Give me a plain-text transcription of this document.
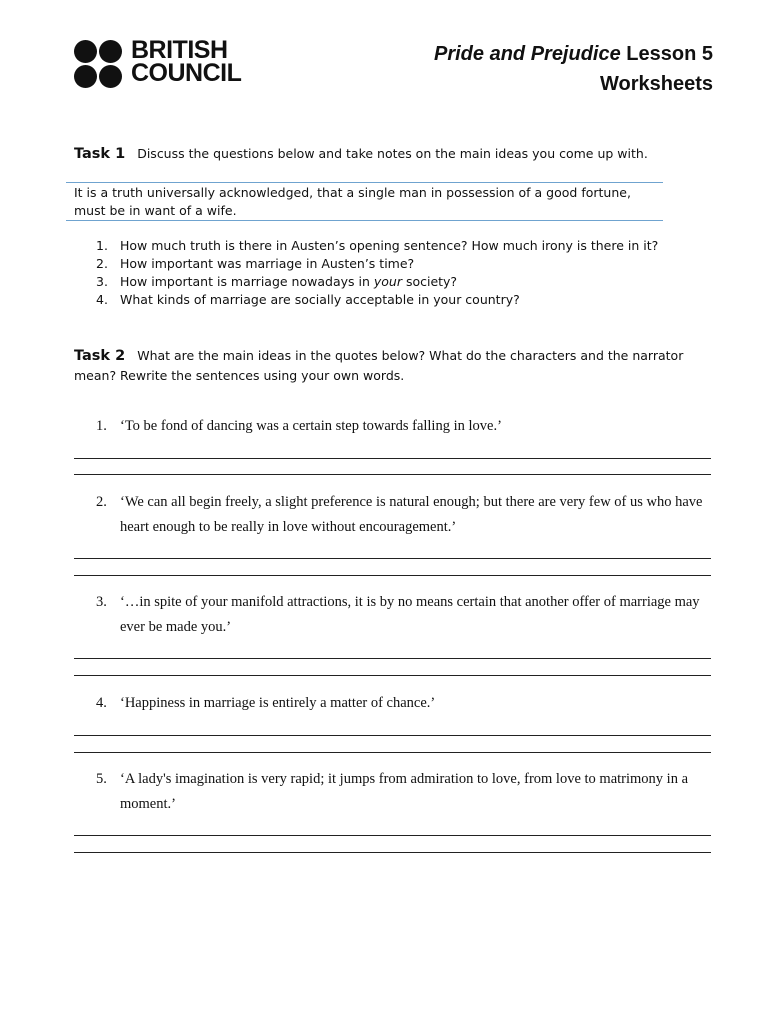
BRITISH
COUNCIL
Pride and Prejudice Lesson 5
Worksheets
Task 1 Discuss the questions below and take notes on the main ideas you come up with.

It is a truth universally acknowledged, that a single man in possession of a good fortune, must be in want of a wife.

1. How much truth is there in Austen’s opening sentence? How much irony is there in it?
2. How important was marriage in Austen’s time?
3. How important is marriage nowadays in your society?
4. What kinds of marriage are socially acceptable in your country?
Task 2 What are the main ideas in the quotes below? What do the characters and the narrator mean? Rewrite the sentences using your own words.
1. ‘To be fond of dancing was a certain step towards falling in love.’
2. ‘We can all begin freely, a slight preference is natural enough; but there are very few of us who have heart enough to be really in love without encouragement.’
3. ‘…in spite of your manifold attractions, it is by no means certain that another offer of marriage may ever be made you.’
4. ‘Happiness in marriage is entirely a matter of chance.’
5. ‘A lady's imagination is very rapid; it jumps from admiration to love, from love to matrimony in a moment.’
